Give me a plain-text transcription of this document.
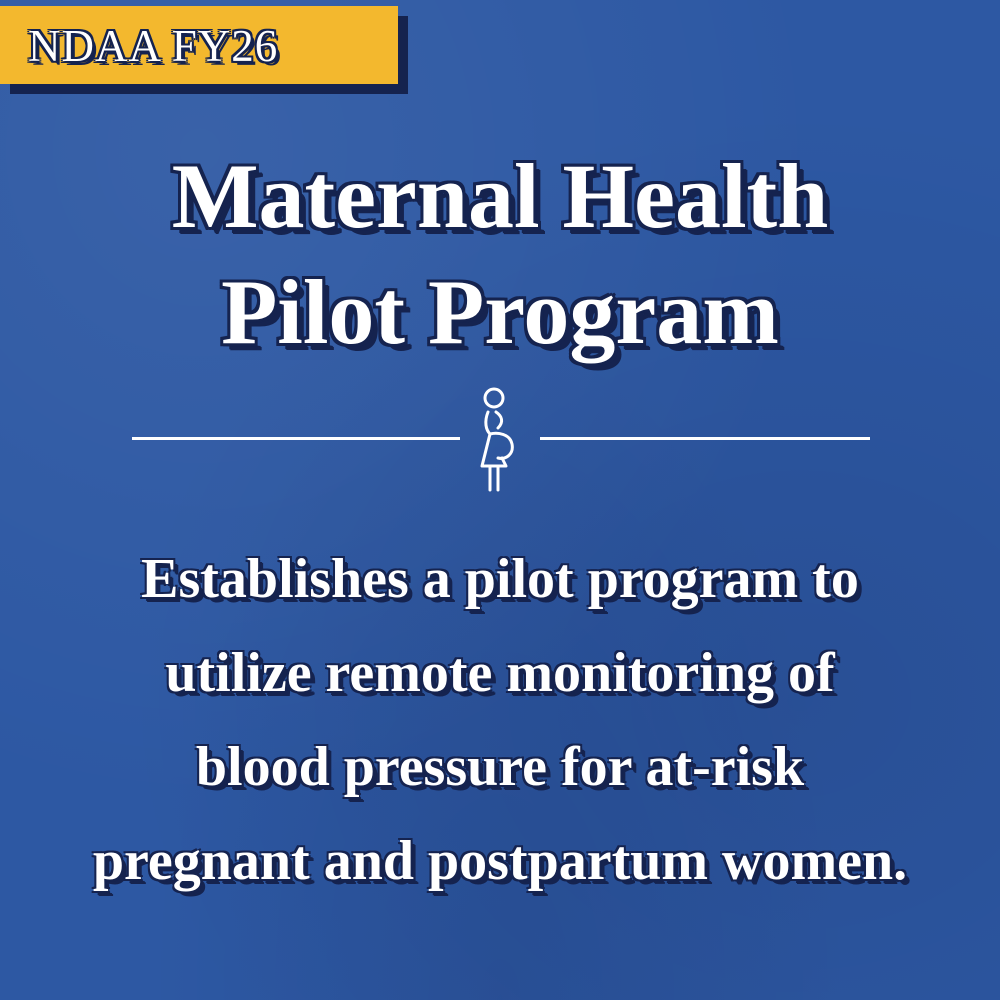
NDAA FY26
Maternal Health
Pilot Program
Establishes a pilot program to
utilize remote monitoring of
blood pressure for at-risk
pregnant and postpartum women.
